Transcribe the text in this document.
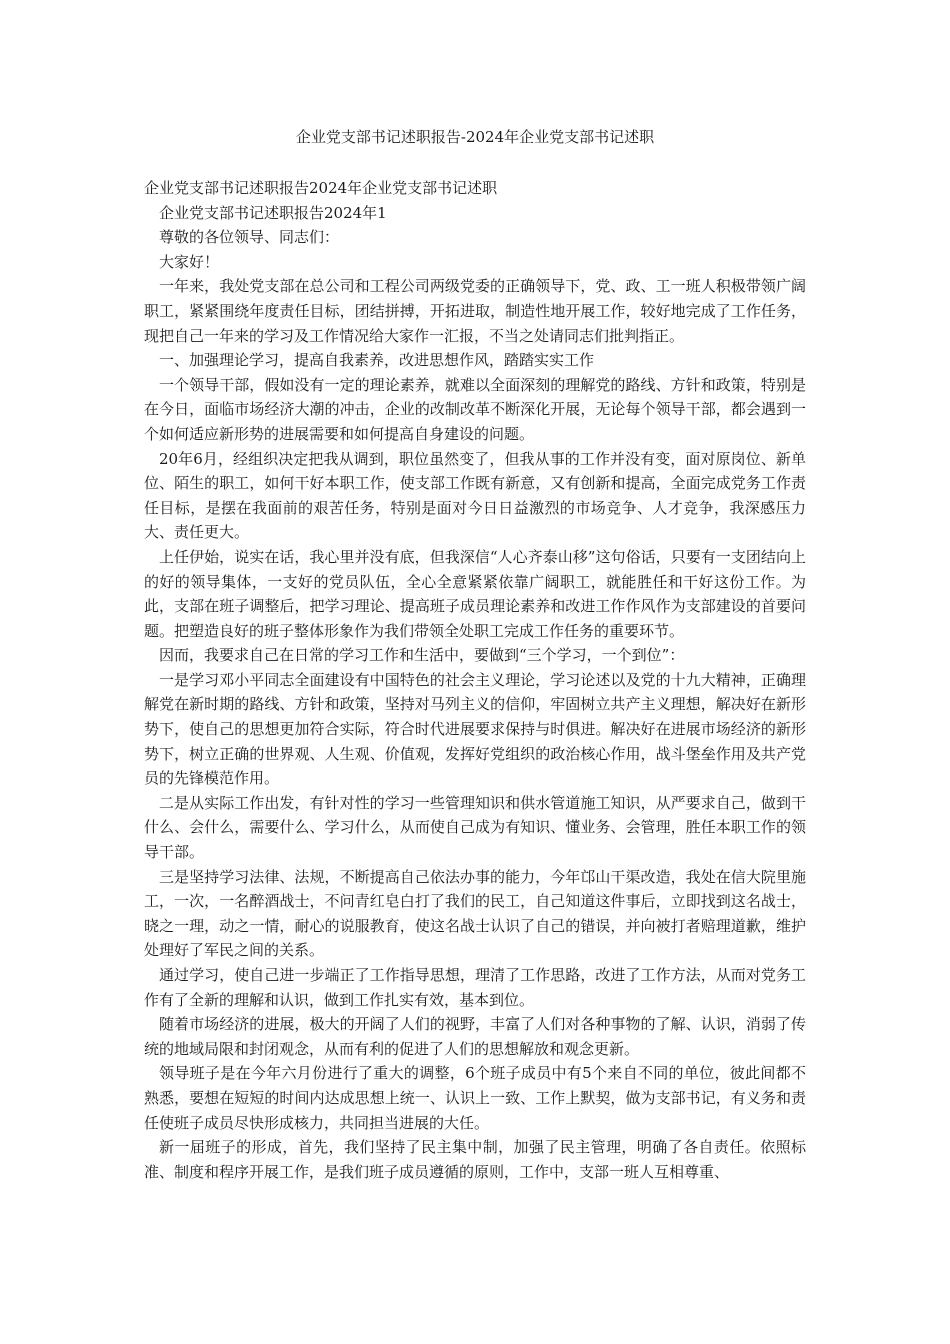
企业党支部书记述职报告-2024年企业党支部书记述职

企业党支部书记述职报告2024年企业党支部书记述职

企业党支部书记述职报告2024年1

尊敬的各位领导、同志们：

大家好！

一年来，我处党支部在总公司和工程公司两级党委的正确领导下，党、政、工一班人积极带领广阔职工，紧紧围绕年度责任目标，团结拼搏，开拓进取，制造性地开展工作，较好地完成了工作任务，现把自己一年来的学习及工作情况给大家作一汇报，不当之处请同志们批判指正。

一、加强理论学习，提高自我素养，改进思想作风，踏踏实实工作

一个领导干部，假如没有一定的理论素养，就难以全面深刻的理解党的路线、方针和政策，特别是在今日，面临市场经济大潮的冲击，企业的改制改革不断深化开展，无论每个领导干部，都会遇到一个如何适应新形势的进展需要和如何提高自身建设的问题。

20年6月，经组织决定把我从调到，职位虽然变了，但我从事的工作并没有变，面对原岗位、新单位、陌生的职工，如何干好本职工作，使支部工作既有新意，又有创新和提高，全面完成党务工作责任目标，是摆在我面前的艰苦任务，特别是面对今日日益激烈的市场竞争、人才竞争，我深感压力大、责任更大。

上任伊始，说实在话，我心里并没有底，但我深信“人心齐泰山移”这句俗话，只要有一支团结向上的好的领导集体，一支好的党员队伍，全心全意紧紧依靠广阔职工，就能胜任和干好这份工作。为此，支部在班子调整后，把学习理论、提高班子成员理论素养和改进工作作风作为支部建设的首要问题。把塑造良好的班子整体形象作为我们带领全处职工完成工作任务的重要环节。

因而，我要求自己在日常的学习工作和生活中，要做到“三个学习，一个到位”：

一是学习邓小平同志全面建设有中国特色的社会主义理论，学习论述以及党的十九大精神，正确理解党在新时期的路线、方针和政策，坚持对马列主义的信仰，牢固树立共产主义理想，解决好在新形势下，使自己的思想更加符合实际，符合时代进展要求保持与时俱进。解决好在进展市场经济的新形势下，树立正确的世界观、人生观、价值观，发挥好党组织的政治核心作用，战斗堡垒作用及共产党员的先锋模范作用。

二是从实际工作出发，有针对性的学习一些管理知识和供水管道施工知识，从严要求自己，做到干什么、会什么，需要什么、学习什么，从而使自己成为有知识、懂业务、会管理，胜任本职工作的领导干部。

三是坚持学习法律、法规，不断提高自己依法办事的能力，今年邙山干渠改造，我处在信大院里施工，一次，一名醉酒战士，不问青红皂白打了我们的民工，自己知道这件事后，立即找到这名战士，晓之一理，动之一情，耐心的说服教育，使这名战士认识了自己的错误，并向被打者赔理道歉，维护处理好了军民之间的关系。

通过学习，使自己进一步端正了工作指导思想，理清了工作思路，改进了工作方法，从而对党务工作有了全新的理解和认识，做到工作扎实有效，基本到位。

随着市场经济的进展，极大的开阔了人们的视野，丰富了人们对各种事物的了解、认识，消弱了传统的地域局限和封闭观念，从而有利的促进了人们的思想解放和观念更新。

领导班子是在今年六月份进行了重大的调整，6个班子成员中有5个来自不同的单位，彼此间都不熟悉，要想在短短的时间内达成思想上统一、认识上一致、工作上默契，做为支部书记，有义务和责任使班子成员尽快形成核力，共同担当进展的大任。

新一届班子的形成，首先，我们坚持了民主集中制，加强了民主管理，明确了各自责任。依照标准、制度和程序开展工作，是我们班子成员遵循的原则，工作中，支部一班人互相尊重、
